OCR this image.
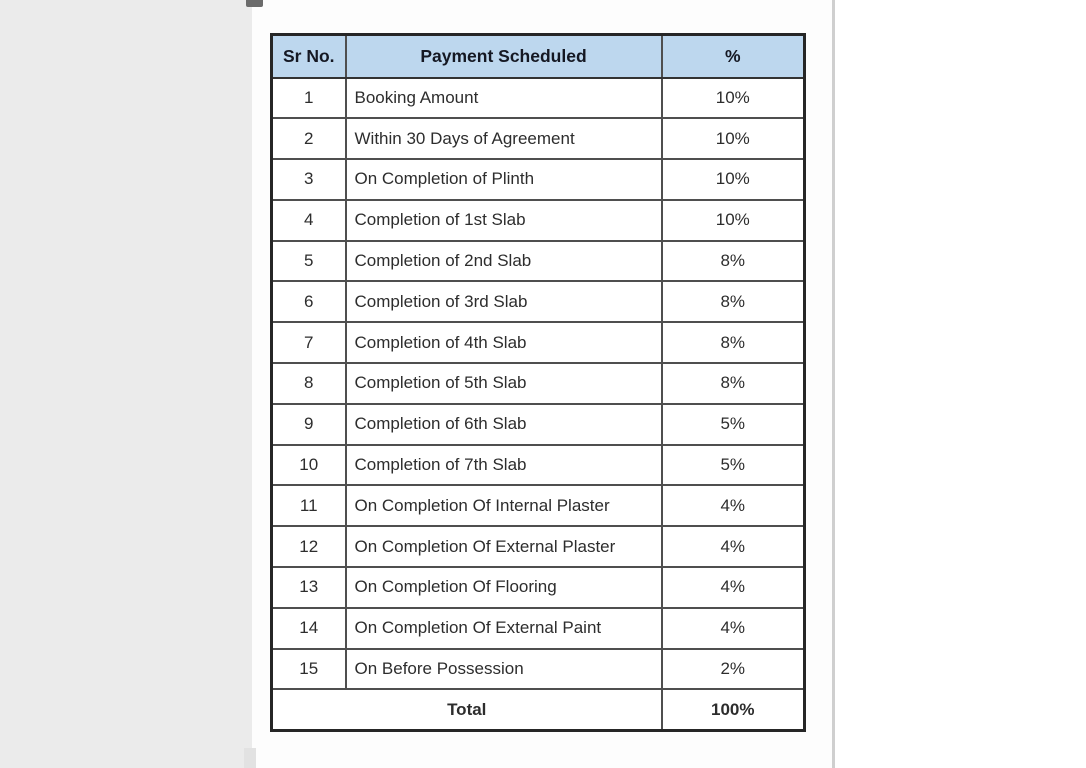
Sr No.	Payment Scheduled	%
1	Booking Amount	10%
2	Within 30 Days of Agreement	10%
3	On Completion of Plinth	10%
4	Completion of 1st Slab	10%
5	Completion of 2nd Slab	8%
6	Completion of 3rd Slab	8%
7	Completion of 4th Slab	8%
8	Completion of 5th Slab	8%
9	Completion of 6th Slab	5%
10	Completion of 7th Slab	5%
11	On Completion Of Internal Plaster	4%
12	On Completion Of External Plaster	4%
13	On Completion Of Flooring	4%
14	On Completion Of External Paint	4%
15	On Before Possession	2%
Total		100%
